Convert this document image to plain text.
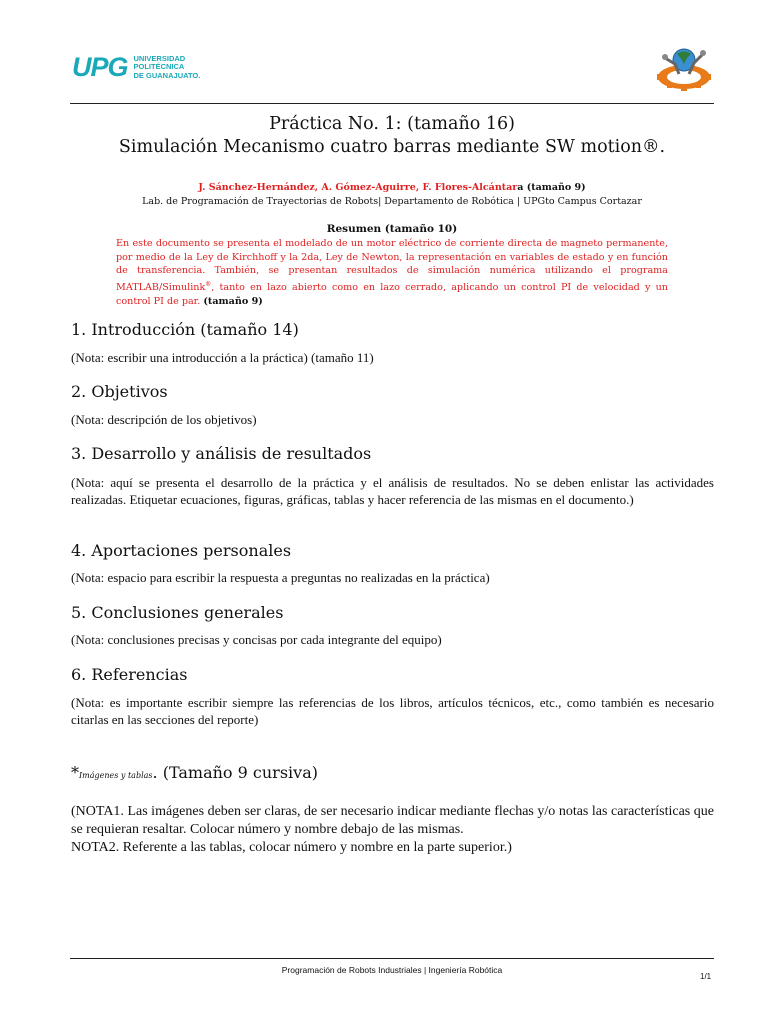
UPG UNIVERSIDAD
POLITÉCNICA
DE GUANAJUATO.
Práctica No. 1: (tamaño 16)
Simulación Mecanismo cuatro barras mediante SW motion®.
J. Sánchez-Hernández, A. Gómez-Aguirre, F. Flores-Alcántara (tamaño 9)
Lab. de Programación de Trayectorias de Robots| Departamento de Robótica | UPGto Campus Cortazar
Resumen (tamaño 10)
En este documento se presenta el modelado de un motor eléctrico de corriente directa de magneto permanente, por medio de la Ley de Kirchhoff y la 2da, Ley de Newton, la representación en variables de estado y en función de transferencia. También, se presentan resultados de simulación numérica utilizando el programa MATLAB/Simulink®, tanto en lazo abierto como en lazo cerrado, aplicando un control PI de velocidad y un control PI de par. (tamaño 9)
1. Introducción (tamaño 14)
(Nota: escribir una introducción a la práctica) (tamaño 11)
2. Objetivos
(Nota: descripción de los objetivos)
3. Desarrollo y análisis de resultados
(Nota: aquí se presenta el desarrollo de la práctica y el análisis de resultados. No se deben enlistar las actividades realizadas. Etiquetar ecuaciones, figuras, gráficas, tablas y hacer referencia de las mismas en el documento.)
4. Aportaciones personales
(Nota: espacio para escribir la respuesta a preguntas no realizadas en la práctica)
5. Conclusiones generales
(Nota: conclusiones precisas y concisas por cada integrante del equipo)
6. Referencias
(Nota: es importante escribir siempre las referencias de los libros, artículos técnicos, etc., como también es necesario citarlas en las secciones del reporte)
*Imágenes y tablas. (Tamaño 9 cursiva)
(NOTA1. Las imágenes deben ser claras, de ser necesario indicar mediante flechas y/o notas las características que se requieran resaltar. Colocar número y nombre debajo de las mismas.
NOTA2. Referente a las tablas, colocar número y nombre en la parte superior.)
Programación de Robots Industriales | Ingeniería Robótica
1/1
